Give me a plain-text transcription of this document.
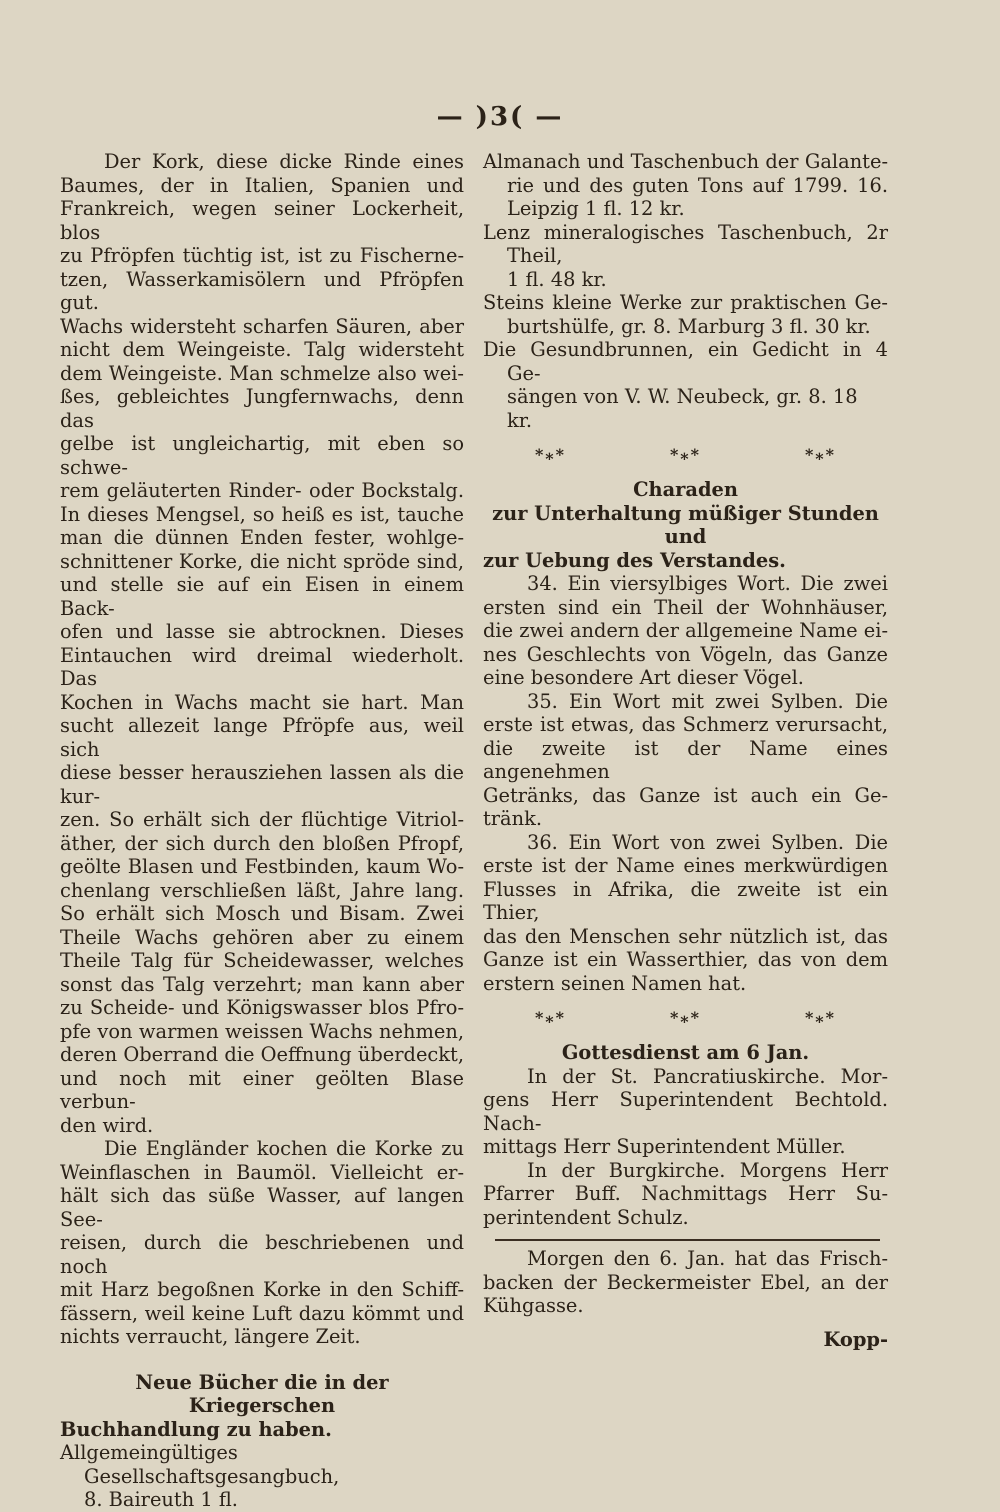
— )3( —

Der Kork, diese dicke Rinde eines
Baumes, der in Italien, Spanien und
Frankreich, wegen seiner Lockerheit, blos
zu Pfröpfen tüchtig ist, ist zu Fischerne-
tzen, Wasserkamisölern und Pfröpfen gut.
Wachs widersteht scharfen Säuren, aber
nicht dem Weingeiste. Talg widersteht
dem Weingeiste. Man schmelze also wei-
ßes, gebleichtes Jungfernwachs, denn das
gelbe ist ungleichartig, mit eben so schwe-
rem geläuterten Rinder- oder Bockstalg.
In dieses Mengsel, so heiß es ist, tauche
man die dünnen Enden fester, wohlge-
schnittener Korke, die nicht spröde sind,
und stelle sie auf ein Eisen in einem Back-
ofen und lasse sie abtrocknen. Dieses
Eintauchen wird dreimal wiederholt. Das
Kochen in Wachs macht sie hart. Man
sucht allezeit lange Pfröpfe aus, weil sich
diese besser herausziehen lassen als die kur-
zen. So erhält sich der flüchtige Vitriol-
äther, der sich durch den bloßen Pfropf,
geölte Blasen und Festbinden, kaum Wo-
chenlang verschließen läßt, Jahre lang.
So erhält sich Mosch und Bisam. Zwei
Theile Wachs gehören aber zu einem
Theile Talg für Scheidewasser, welches
sonst das Talg verzehrt; man kann aber
zu Scheide- und Königswasser blos Pfro-
pfe von warmen weissen Wachs nehmen,
deren Oberrand die Oeffnung überdeckt,
und noch mit einer geölten Blase verbun-
den wird.

Die Engländer kochen die Korke zu
Weinflaschen in Baumöl. Vielleicht er-
hält sich das süße Wasser, auf langen See-
reisen, durch die beschriebenen und noch
mit Harz begoßnen Korke in den Schiff-
fässern, weil keine Luft dazu kömmt und
nichts verraucht, längere Zeit.

Neue Bücher die in der Kriegerschen
Buchhandlung zu haben.

Allgemeingültiges Gesellschaftsgesangbuch,
8. Baireuth 1 fl.

Almanach und Taschenbuch der Galante-
rie und des guten Tons auf 1799. 16.
Leipzig 1 fl. 12 kr.

Lenz mineralogisches Taschenbuch, 2r Theil,
1 fl. 48 kr.

Steins kleine Werke zur praktischen Ge-
burtshülfe, gr. 8. Marburg 3 fl. 30 kr.

Die Gesundbrunnen, ein Gedicht in 4 Ge-
sängen von V. W. Neubeck, gr. 8. 18 kr.

*⁎*	*⁎*	*⁎*

Charaden
zur Unterhaltung müßiger Stunden und
zur Uebung des Verstandes.

34. Ein viersylbiges Wort. Die zwei
ersten sind ein Theil der Wohnhäuser,
die zwei andern der allgemeine Name ei-
nes Geschlechts von Vögeln, das Ganze
eine besondere Art dieser Vögel.

35. Ein Wort mit zwei Sylben. Die
erste ist etwas, das Schmerz verursacht,
die zweite ist der Name eines angenehmen
Getränks, das Ganze ist auch ein Ge-
tränk.

36. Ein Wort von zwei Sylben. Die
erste ist der Name eines merkwürdigen
Flusses in Afrika, die zweite ist ein Thier,
das den Menschen sehr nützlich ist, das
Ganze ist ein Wasserthier, das von dem
erstern seinen Namen hat.

*⁎*	*⁎*	*⁎*

Gottesdienst am 6 Jan.

In der St. Pancratiuskirche. Mor-
gens Herr Superintendent Bechtold. Nach-
mittags Herr Superintendent Müller.

In der Burgkirche. Morgens Herr
Pfarrer Buff. Nachmittags Herr Su-
perintendent Schulz.

Morgen den 6. Jan. hat das Frisch-
backen der Beckermeister Ebel, an der
Kühgasse.

Kopp-
